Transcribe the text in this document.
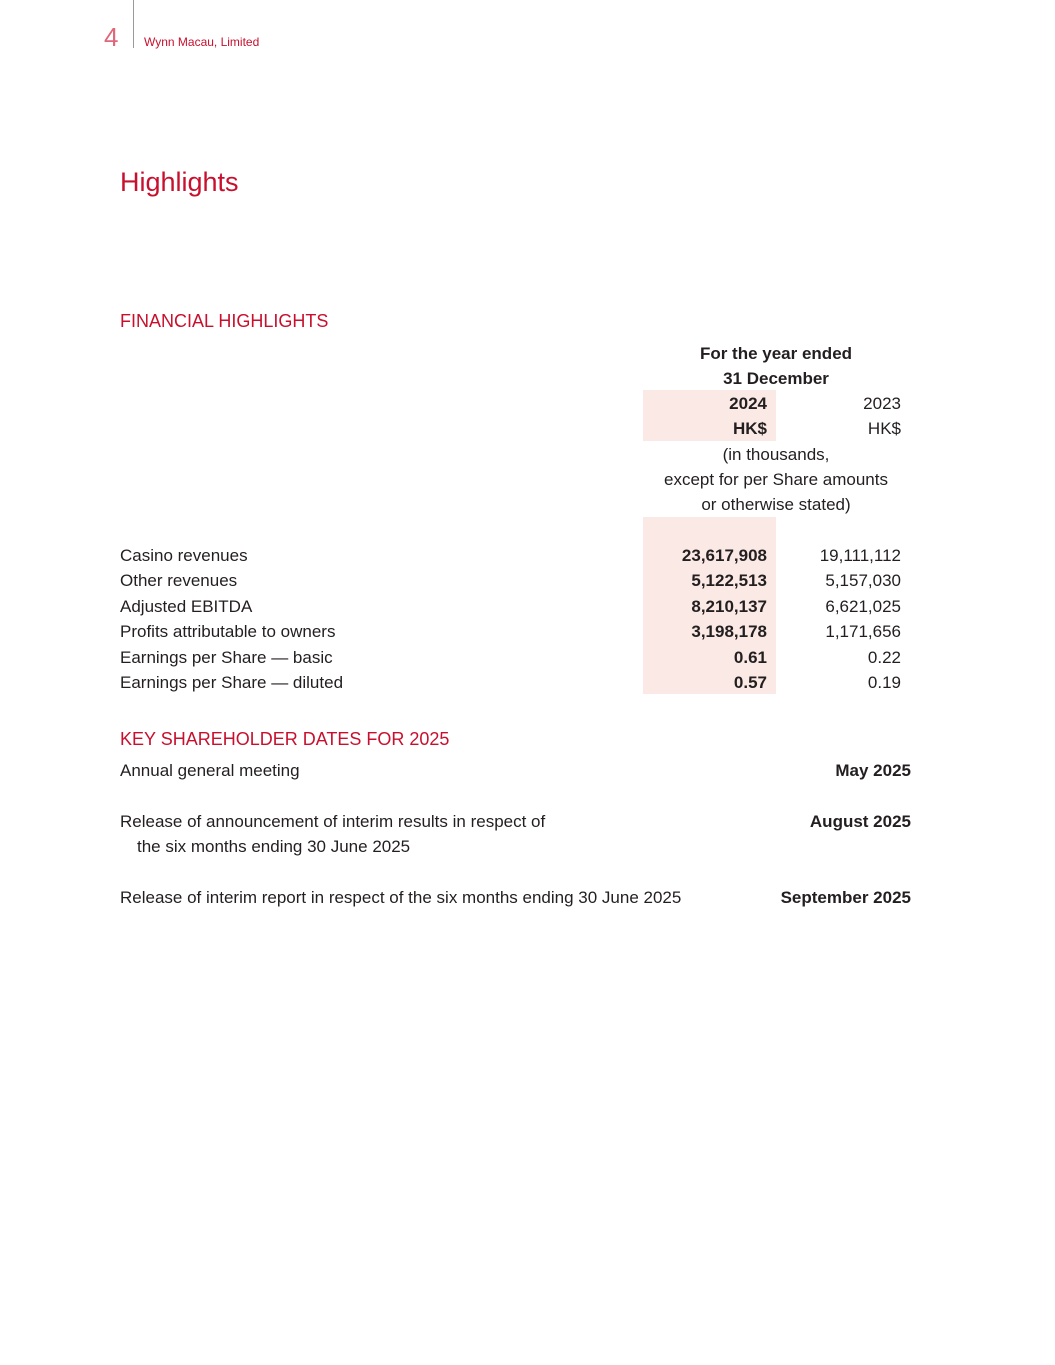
4 Wynn Macau, Limited
Highlights
FINANCIAL HIGHLIGHTS
For the year ended
31 December
2024	2023
HK$	HK$
(in thousands,
except for per Share amounts
or otherwise stated)
Casino revenues	23,617,908	19,111,112
Other revenues	5,122,513	5,157,030
Adjusted EBITDA	8,210,137	6,621,025
Profits attributable to owners	3,198,178	1,171,656
Earnings per Share — basic	0.61	0.22
Earnings per Share — diluted	0.57	0.19
KEY SHAREHOLDER DATES FOR 2025
Annual general meeting	May 2025
Release of announcement of interim results in respect of
the six months ending 30 June 2025
August 2025
Release of interim report in respect of the six months ending 30 June 2025	September 2025
